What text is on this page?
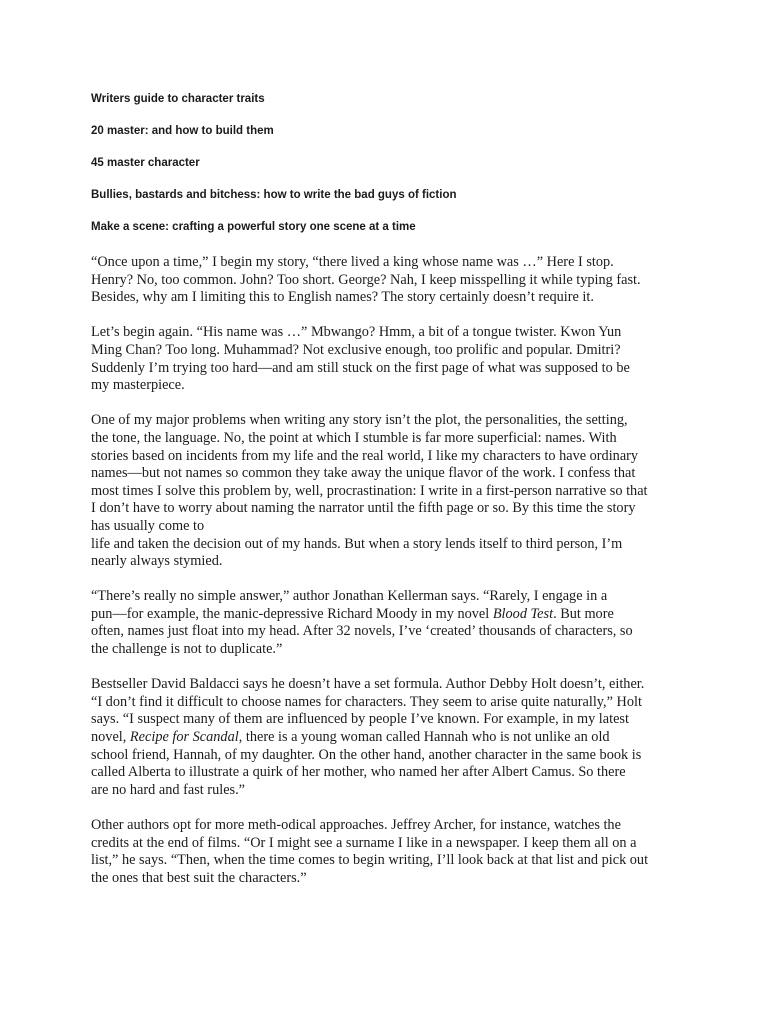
Writers guide to character traits
20 master: and how to build them
45 master character
Bullies, bastards and bitchess: how to write the bad guys of fiction
Make a scene: crafting a powerful story one scene at a time

“Once upon a time,” I begin my story, “there lived a king whose name was …” Here I stop.
Henry? No, too common. John? Too short. George? Nah, I keep misspelling it while typing fast.
Besides, why am I limiting this to English names? The story certainly doesn’t require it.

Let’s begin again. “His name was …” Mbwango? Hmm, a bit of a tongue twister. Kwon Yun
Ming Chan? Too long. Muhammad? Not exclusive enough, too prolific and popular. Dmitri?
Suddenly I’m trying too hard—and am still stuck on the first page of what was supposed to be
my masterpiece.

One of my major problems when writing any story isn’t the plot, the personalities, the setting,
the tone, the language. No, the point at which I stumble is far more superficial: names. With
stories based on incidents from my life and the real world, I like my characters to have ordinary
names—but not names so common they take away the unique flavor of the work. I confess that
most times I solve this problem by, well, procrastination: I write in a first-person narrative so that
I don’t have to worry about naming the narrator until the fifth page or so. By this time the story
has usually come to
life and taken the decision out of my hands. But when a story lends itself to third person, I’m
nearly always stymied.

“There’s really no simple answer,” author Jonathan Kellerman says. “Rarely, I engage in a
pun—for example, the manic-depressive Richard Moody in my novel Blood Test. But more
often, names just float into my head. After 32 novels, I’ve ‘created’ thousands of characters, so
the challenge is not to duplicate.”

Bestseller David Baldacci says he doesn’t have a set formula. Author Debby Holt doesn’t, either.
“I don’t find it difficult to choose names for characters. They seem to arise quite naturally,” Holt
says. “I suspect many of them are influenced by people I’ve known. For example, in my latest
novel, Recipe for Scandal, there is a young woman called Hannah who is not unlike an old
school friend, Hannah, of my daughter. On the other hand, another character in the same book is
called Alberta to illustrate a quirk of her mother, who named her after Albert Camus. So there
are no hard and fast rules.”

Other authors opt for more meth-odical approaches. Jeffrey Archer, for instance, watches the
credits at the end of films. “Or I might see a surname I like in a newspaper. I keep them all on a
list,” he says. “Then, when the time comes to begin writing, I’ll look back at that list and pick out
the ones that best suit the characters.”
